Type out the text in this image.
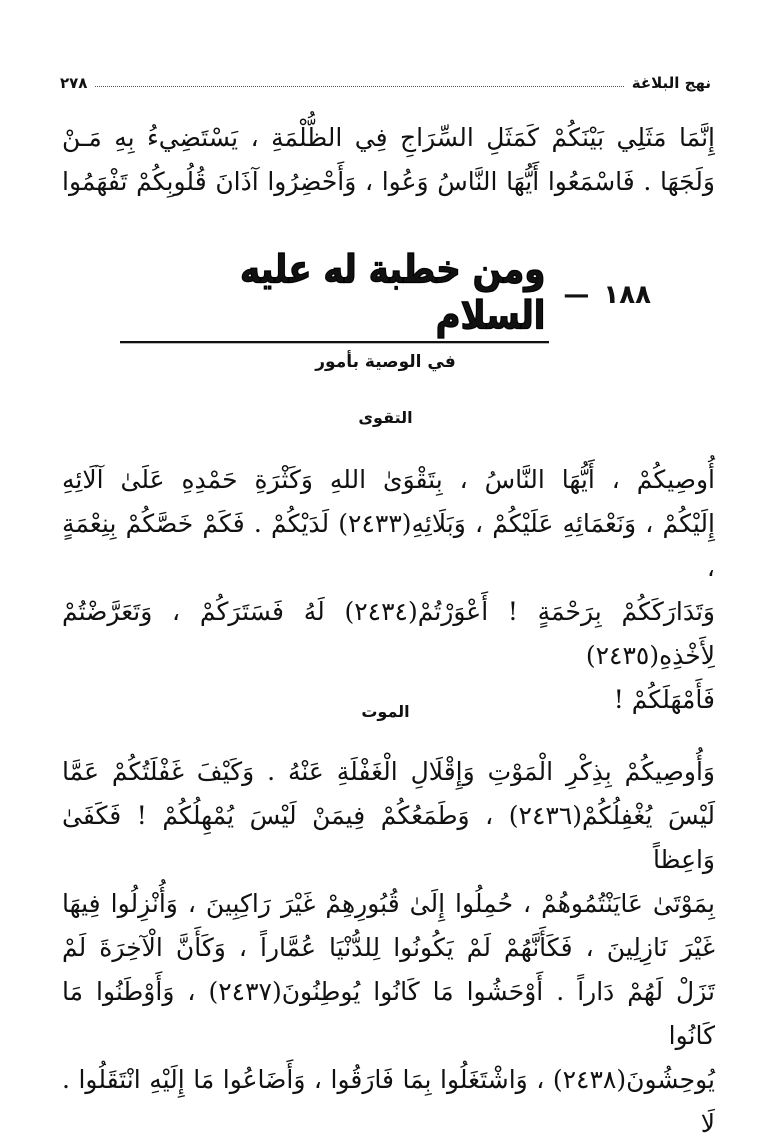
نهج البلاغة
٢٧٨
إِنَّمَا مَثَلِي بَيْنَكُمْ كَمَثَلِ السِّرَاجِ فِي الظُّلْمَةِ ، يَسْتَضِيءُ بِهِ مَـنْ
وَلَجَهَا . فَاسْمَعُوا أَيُّهَا النَّاسُ وَعُوا ، وَأَحْضِرُوا آذَانَ قُلُوبِكُمْ تَفْهَمُوا
١٨٨
—
ومن خطبة له عليه السلام
في الوصية بأمور
التقوى
أُوصِيكُمْ ، أَيُّهَا النَّاسُ ، بِتَقْوَىٰ اللهِ وَكَثْرَةِ حَمْدِهِ عَلَىٰ آلَائِهِ
إِلَيْكُمْ ، وَنَعْمَائِهِ عَلَيْكُمْ ، وَبَلَائِهِ(٢٤٣٣) لَدَيْكُمْ . فَكَمْ خَصَّكُمْ بِنِعْمَةٍ ،
وَتَدَارَكَكُمْ بِرَحْمَةٍ ! أَعْوَرْتُمْ(٢٤٣٤) لَهُ فَسَتَرَكُمْ ، وَتَعَرَّضْتُمْ لِأَخْذِهِ(٢٤٣٥)
فَأَمْهَلَكُمْ !
الموت
وَأُوصِيكُمْ بِذِكْرِ الْمَوْتِ وَإِقْلَالِ الْغَفْلَةِ عَنْهُ . وَكَيْفَ غَفْلَتُكُمْ عَمَّا
لَيْسَ يُغْفِلُكُمْ(٢٤٣٦) ، وَطَمَعُكُمْ فِيمَنْ لَيْسَ يُمْهِلُكُمْ ! فَكَفَىٰ وَاعِظاً
بِمَوْتَىٰ عَايَنْتُمُوهُمْ ، حُمِلُوا إِلَىٰ قُبُورِهِمْ غَيْرَ رَاكِبِينَ ، وَأُنْزِلُوا فِيهَا
غَيْرَ نَازِلِينَ ، فَكَأَنَّهُمْ لَمْ يَكُونُوا لِلدُّنْيَا عُمَّاراً ، وَكَأَنَّ الْآخِرَةَ لَمْ
تَزَلْ لَهُمْ دَاراً . أَوْحَشُوا مَا كَانُوا يُوطِنُونَ(٢٤٣٧) ، وَأَوْطَنُوا مَا كَانُوا
يُوحِشُونَ(٢٤٣٨) ، وَاشْتَغَلُوا بِمَا فَارَقُوا ، وَأَضَاعُوا مَا إِلَيْهِ انْتَقَلُوا . لَا
